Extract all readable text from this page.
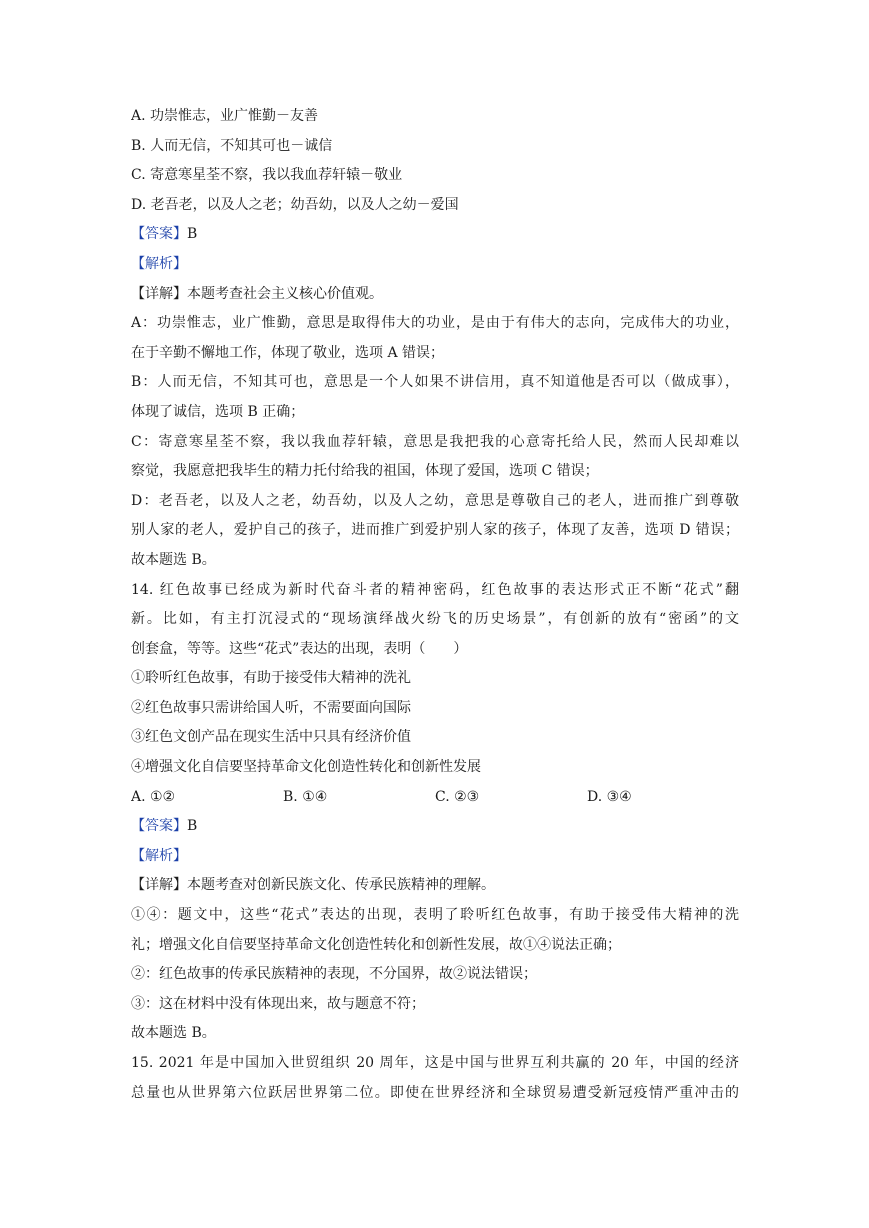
A. 功崇惟志，业广惟勤－友善
B. 人而无信，不知其可也－诚信
C. 寄意寒星荃不察，我以我血荐轩辕－敬业
D. 老吾老，以及人之老；幼吾幼，以及人之幼－爱国
【答案】B
【解析】
【详解】本题考查社会主义核心价值观。
A：功崇惟志，业广惟勤，意思是取得伟大的功业，是由于有伟大的志向，完成伟大的功业，
在于辛勤不懈地工作，体现了敬业，选项 A 错误；
B：人而无信，不知其可也，意思是一个人如果不讲信用，真不知道他是否可以（做成事），
体现了诚信，选项 B 正确；
C：寄意寒星荃不察，我以我血荐轩辕，意思是我把我的心意寄托给人民，然而人民却难以
察觉，我愿意把我毕生的精力托付给我的祖国，体现了爱国，选项 C 错误；
D：老吾老，以及人之老，幼吾幼，以及人之幼，意思是尊敬自己的老人，进而推广到尊敬
别人家的老人，爱护自己的孩子，进而推广到爱护别人家的孩子，体现了友善，选项 D 错误；
故本题选 B。
14. 红色故事已经成为新时代奋斗者的精神密码，红色故事的表达形式正不断“花式”翻
新。比如，有主打沉浸式的“现场演绎战火纷飞的历史场景”，有创新的放有“密函”的文
创套盒，等等。这些“花式”表达的出现，表明（　　）
①聆听红色故事，有助于接受伟大精神的洗礼
②红色故事只需讲给国人听，不需要面向国际
③红色文创产品在现实生活中只具有经济价值
④增强文化自信要坚持革命文化创造性转化和创新性发展
A. ①②	B. ①④	C. ②③	D. ③④
【答案】B
【解析】
【详解】本题考查对创新民族文化、传承民族精神的理解。
①④：题文中，这些“花式”表达的出现，表明了聆听红色故事，有助于接受伟大精神的洗
礼；增强文化自信要坚持革命文化创造性转化和创新性发展，故①④说法正确；
②：红色故事的传承民族精神的表现，不分国界，故②说法错误；
③：这在材料中没有体现出来，故与题意不符；
故本题选 B。
15. 2021 年是中国加入世贸组织 20 周年，这是中国与世界互利共赢的 20 年，中国的经济
总量也从世界第六位跃居世界第二位。即使在世界经济和全球贸易遭受新冠疫情严重冲击的
